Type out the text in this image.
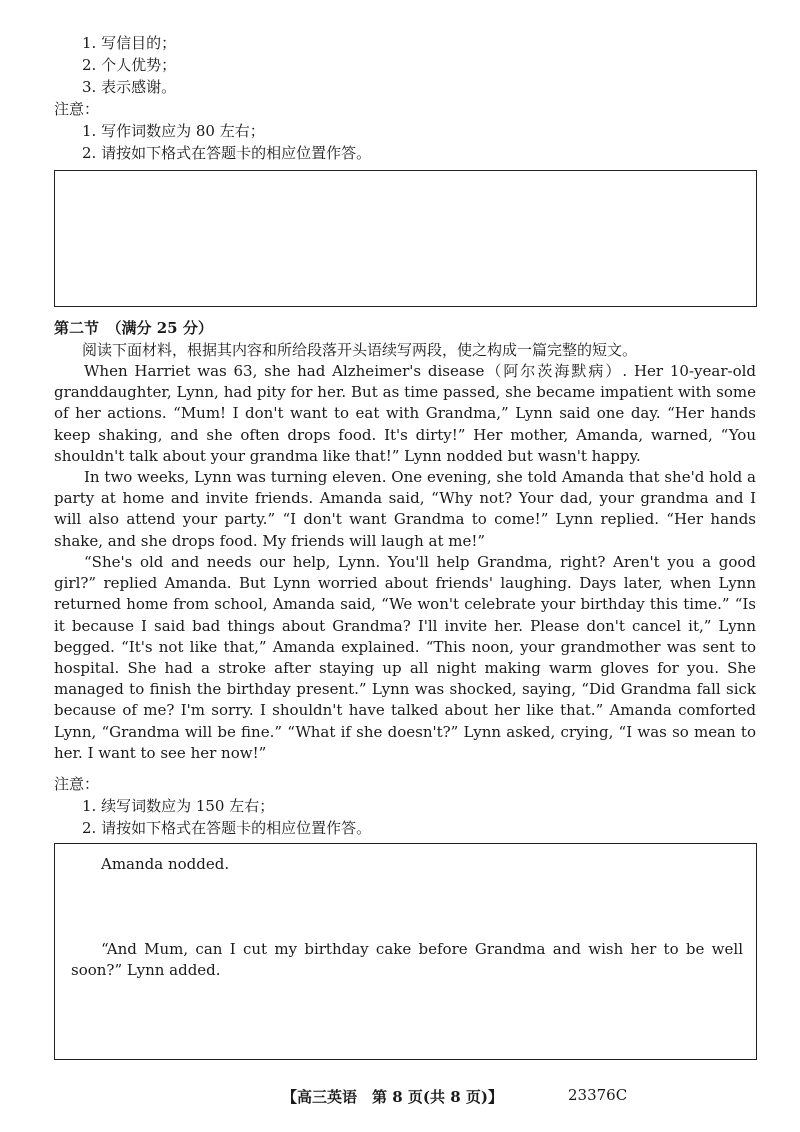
1. 写信目的；
2. 个人优势；
3. 表示感谢。
注意：
1. 写作词数应为 80 左右；
2. 请按如下格式在答题卡的相应位置作答。
第二节　（满分 25 分）
阅读下面材料，根据其内容和所给段落开头语续写两段，使之构成一篇完整的短文。

When Harriet was 63, she had Alzheimer's disease（阿尔茨海默病）. Her 10-year-old granddaughter, Lynn, had pity for her. But as time passed, she became impatient with some of her actions. “Mum! I don't want to eat with Grandma,” Lynn said one day. “Her hands keep shaking, and she often drops food. It's dirty!” Her mother, Amanda, warned, “You shouldn't talk about your grandma like that!” Lynn nodded but wasn't happy.

In two weeks, Lynn was turning eleven. One evening, she told Amanda that she'd hold a party at home and invite friends. Amanda said, “Why not? Your dad, your grandma and I will also attend your party.” “I don't want Grandma to come!” Lynn replied. “Her hands shake, and she drops food. My friends will laugh at me!”

“She's old and needs our help, Lynn. You'll help Grandma, right? Aren't you a good girl?” replied Amanda. But Lynn worried about friends' laughing. Days later, when Lynn returned home from school, Amanda said, “We won't celebrate your birthday this time.” “Is it because I said bad things about Grandma? I'll invite her. Please don't cancel it,” Lynn begged. “It's not like that,” Amanda explained. “This noon, your grandmother was sent to hospital. She had a stroke after staying up all night making warm gloves for you. She managed to finish the birthday present.” Lynn was shocked, saying, “Did Grandma fall sick because of me? I'm sorry. I shouldn't have talked about her like that.” Amanda comforted Lynn, “Grandma will be fine.” “What if she doesn't?” Lynn asked, crying, “I was so mean to her. I want to see her now!”

注意：
1. 续写词数应为 150 左右；
2. 请按如下格式在答题卡的相应位置作答。
Amanda nodded.

“And Mum, can I cut my birthday cake before Grandma and wish her to be well soon?” Lynn added.

【高三英语　第 8 页(共 8 页)】	23376C
